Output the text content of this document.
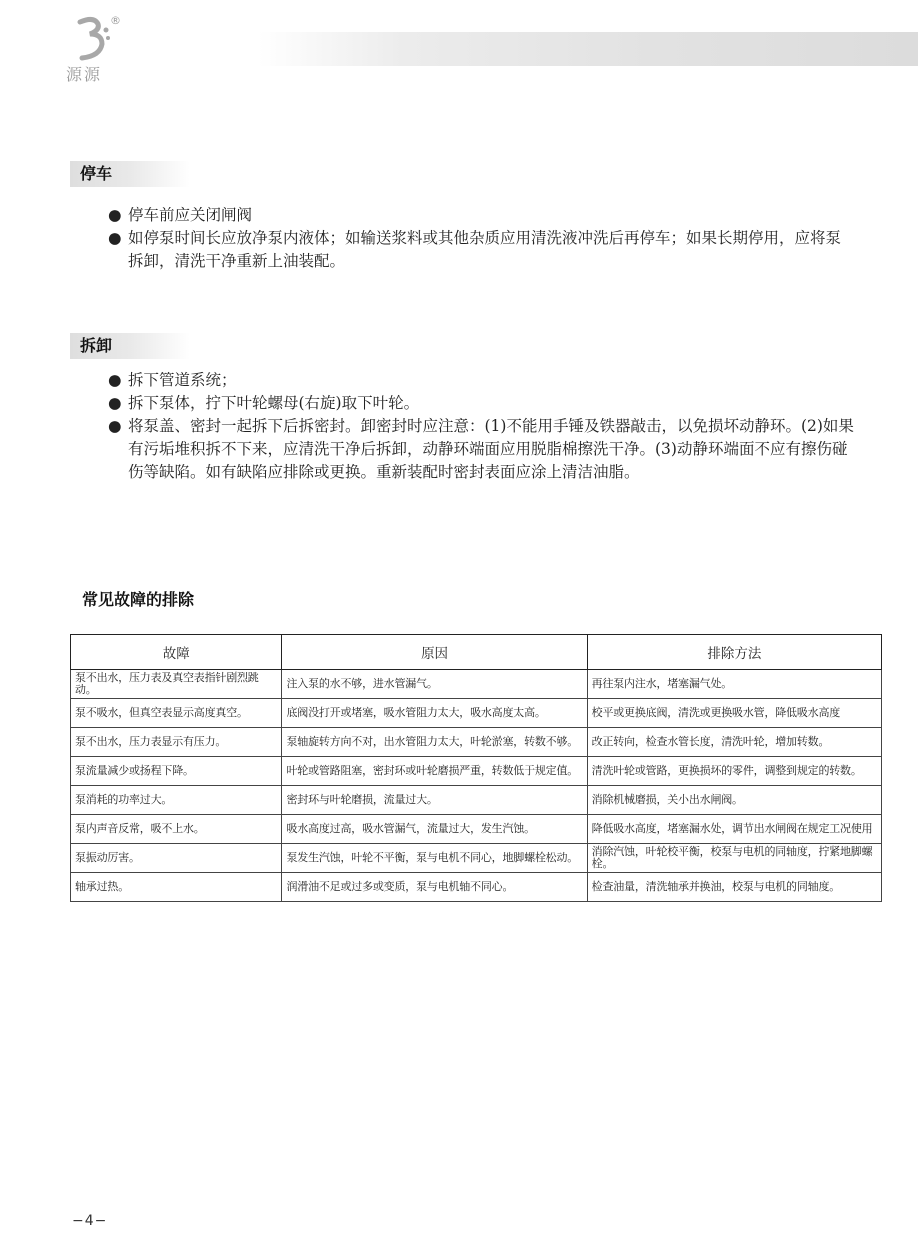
®
源源
停车
● 停车前应关闭闸阀
● 如停泵时间长应放净泵内液体；如输送浆料或其他杂质应用清洗液冲洗后再停车；如果长期停用，应将泵拆卸，清洗干净重新上油装配。
拆卸
● 拆下管道系统；
● 拆下泵体，拧下叶轮螺母(右旋)取下叶轮。
● 将泵盖、密封一起拆下后拆密封。卸密封时应注意：(1)不能用手锤及铁器敲击，以免损坏动静环。(2)如果有污垢堆积拆不下来，应清洗干净后拆卸，动静环端面应用脱脂棉擦洗干净。(3)动静环端面不应有擦伤碰伤等缺陷。如有缺陷应排除或更换。重新装配时密封表面应涂上清洁油脂。
常见故障的排除
故障	原因	排除方法
泵不出水，压力表及真空表指针剧烈跳动。	注入泵的水不够，进水管漏气。	再往泵内注水，堵塞漏气处。
泵不吸水，但真空表显示高度真空。	底阀没打开或堵塞，吸水管阻力太大，吸水高度太高。	校平或更换底阀，清洗或更换吸水管，降低吸水高度
泵不出水，压力表显示有压力。	泵轴旋转方向不对，出水管阻力太大，叶轮淤塞，转数不够。	改正转向，检查水管长度，清洗叶轮，增加转数。
泵流量减少或扬程下降。	叶轮或管路阻塞，密封环或叶轮磨损严重，转数低于规定值。	清洗叶轮或管路，更换损坏的零件，调整到规定的转数。
泵消耗的功率过大。	密封环与叶轮磨损，流量过大。	消除机械磨损，关小出水闸阀。
泵内声音反常，吸不上水。	吸水高度过高，吸水管漏气，流量过大，发生汽蚀。	降低吸水高度，堵塞漏水处，调节出水闸阀在规定工况使用
泵振动厉害。	泵发生汽蚀，叶轮不平衡，泵与电机不同心，地脚螺栓松动。	消除汽蚀，叶轮校平衡，校泵与电机的同轴度，拧紧地脚螺栓。
轴承过热。	润滑油不足或过多或变质，泵与电机轴不同心。	检查油量，清洗轴承并换油，校泵与电机的同轴度。
−4−
